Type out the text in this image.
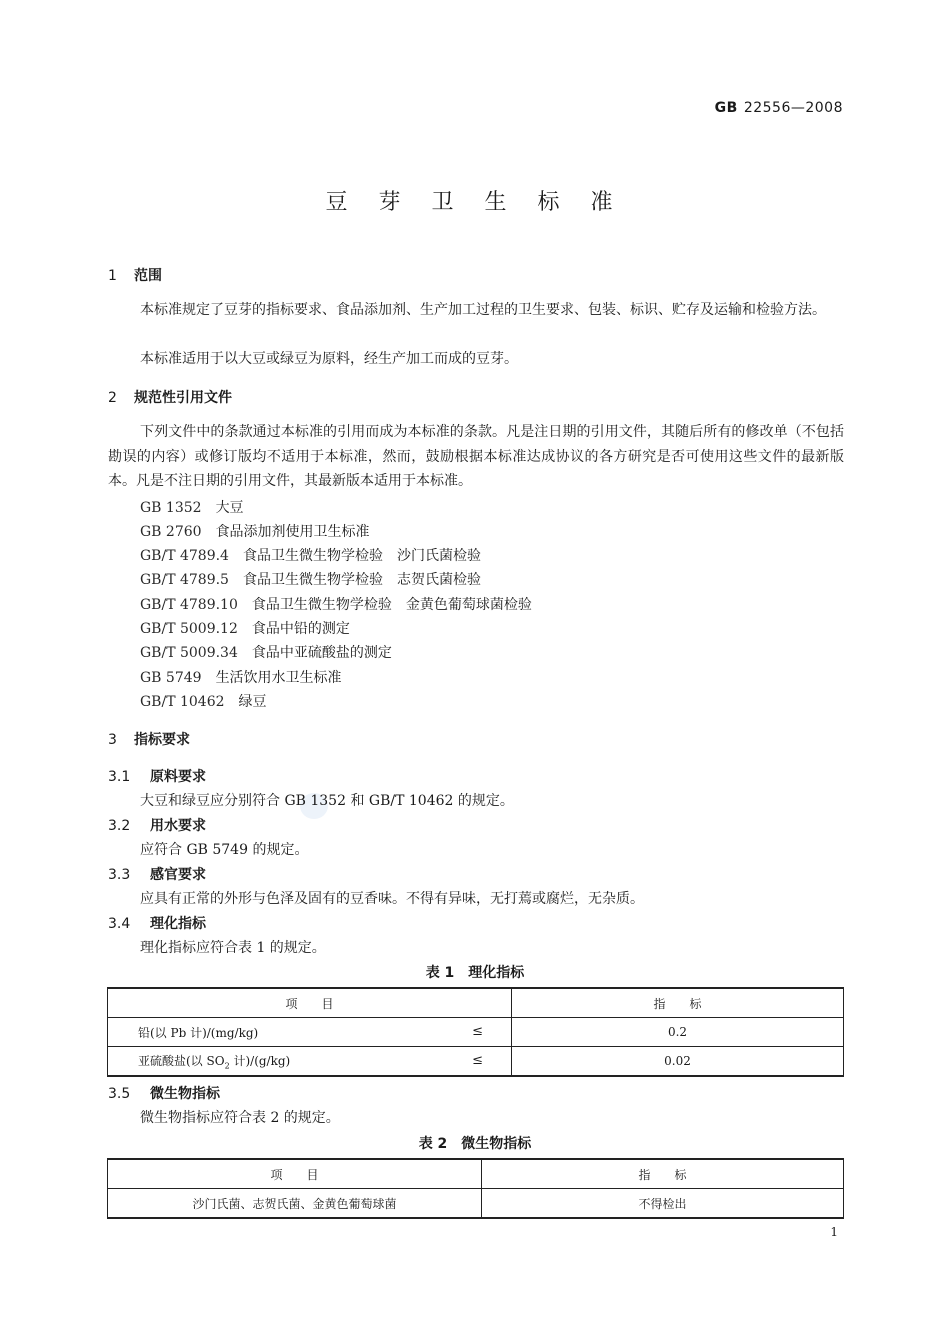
GB 22556—2008
豆 芽 卫 生 标 准
1 范围
本标准规定了豆芽的指标要求、食品添加剂、生产加工过程的卫生要求、包装、标识、贮存及运输和检验方法。
本标准适用于以大豆或绿豆为原料，经生产加工而成的豆芽。
2 规范性引用文件
下列文件中的条款通过本标准的引用而成为本标准的条款。凡是注日期的引用文件，其随后所有的修改单（不包括勘误的内容）或修订版均不适用于本标准，然而，鼓励根据本标准达成协议的各方研究是否可使用这些文件的最新版本。凡是不注日期的引用文件，其最新版本适用于本标准。
GB 1352　 大豆
GB 2760　 食品添加剂使用卫生标准
GB/T 4789.4　 食品卫生微生物学检验　沙门氏菌检验
GB/T 4789.5　 食品卫生微生物学检验　志贺氏菌检验
GB/T 4789.10　 食品卫生微生物学检验　金黄色葡萄球菌检验
GB/T 5009.12　 食品中铅的测定
GB/T 5009.34　 食品中亚硫酸盐的测定
GB 5749　 生活饮用水卫生标准
GB/T 10462　 绿豆
3 指标要求
3.1 原料要求
大豆和绿豆应分别符合 GB 1352 和 GB/T 10462 的规定。
3.2 用水要求
应符合 GB 5749 的规定。
3.3 感官要求
应具有正常的外形与色泽及固有的豆香味。不得有异味，无打蔫或腐烂，无杂质。
3.4 理化指标
理化指标应符合表 1 的规定。
表 1　理化指标
项　　目	指　　标
铅(以 Pb 计)/(mg/kg) ≤	0.2
亚硫酸盐(以 $SO_2$ 计)/(g/kg) ≤	0.02
3.5 微生物指标
微生物指标应符合表 2 的规定。
表 2　微生物指标
项　　目	指　　标
沙门氏菌、志贺氏菌、金黄色葡萄球菌	不得检出
1
